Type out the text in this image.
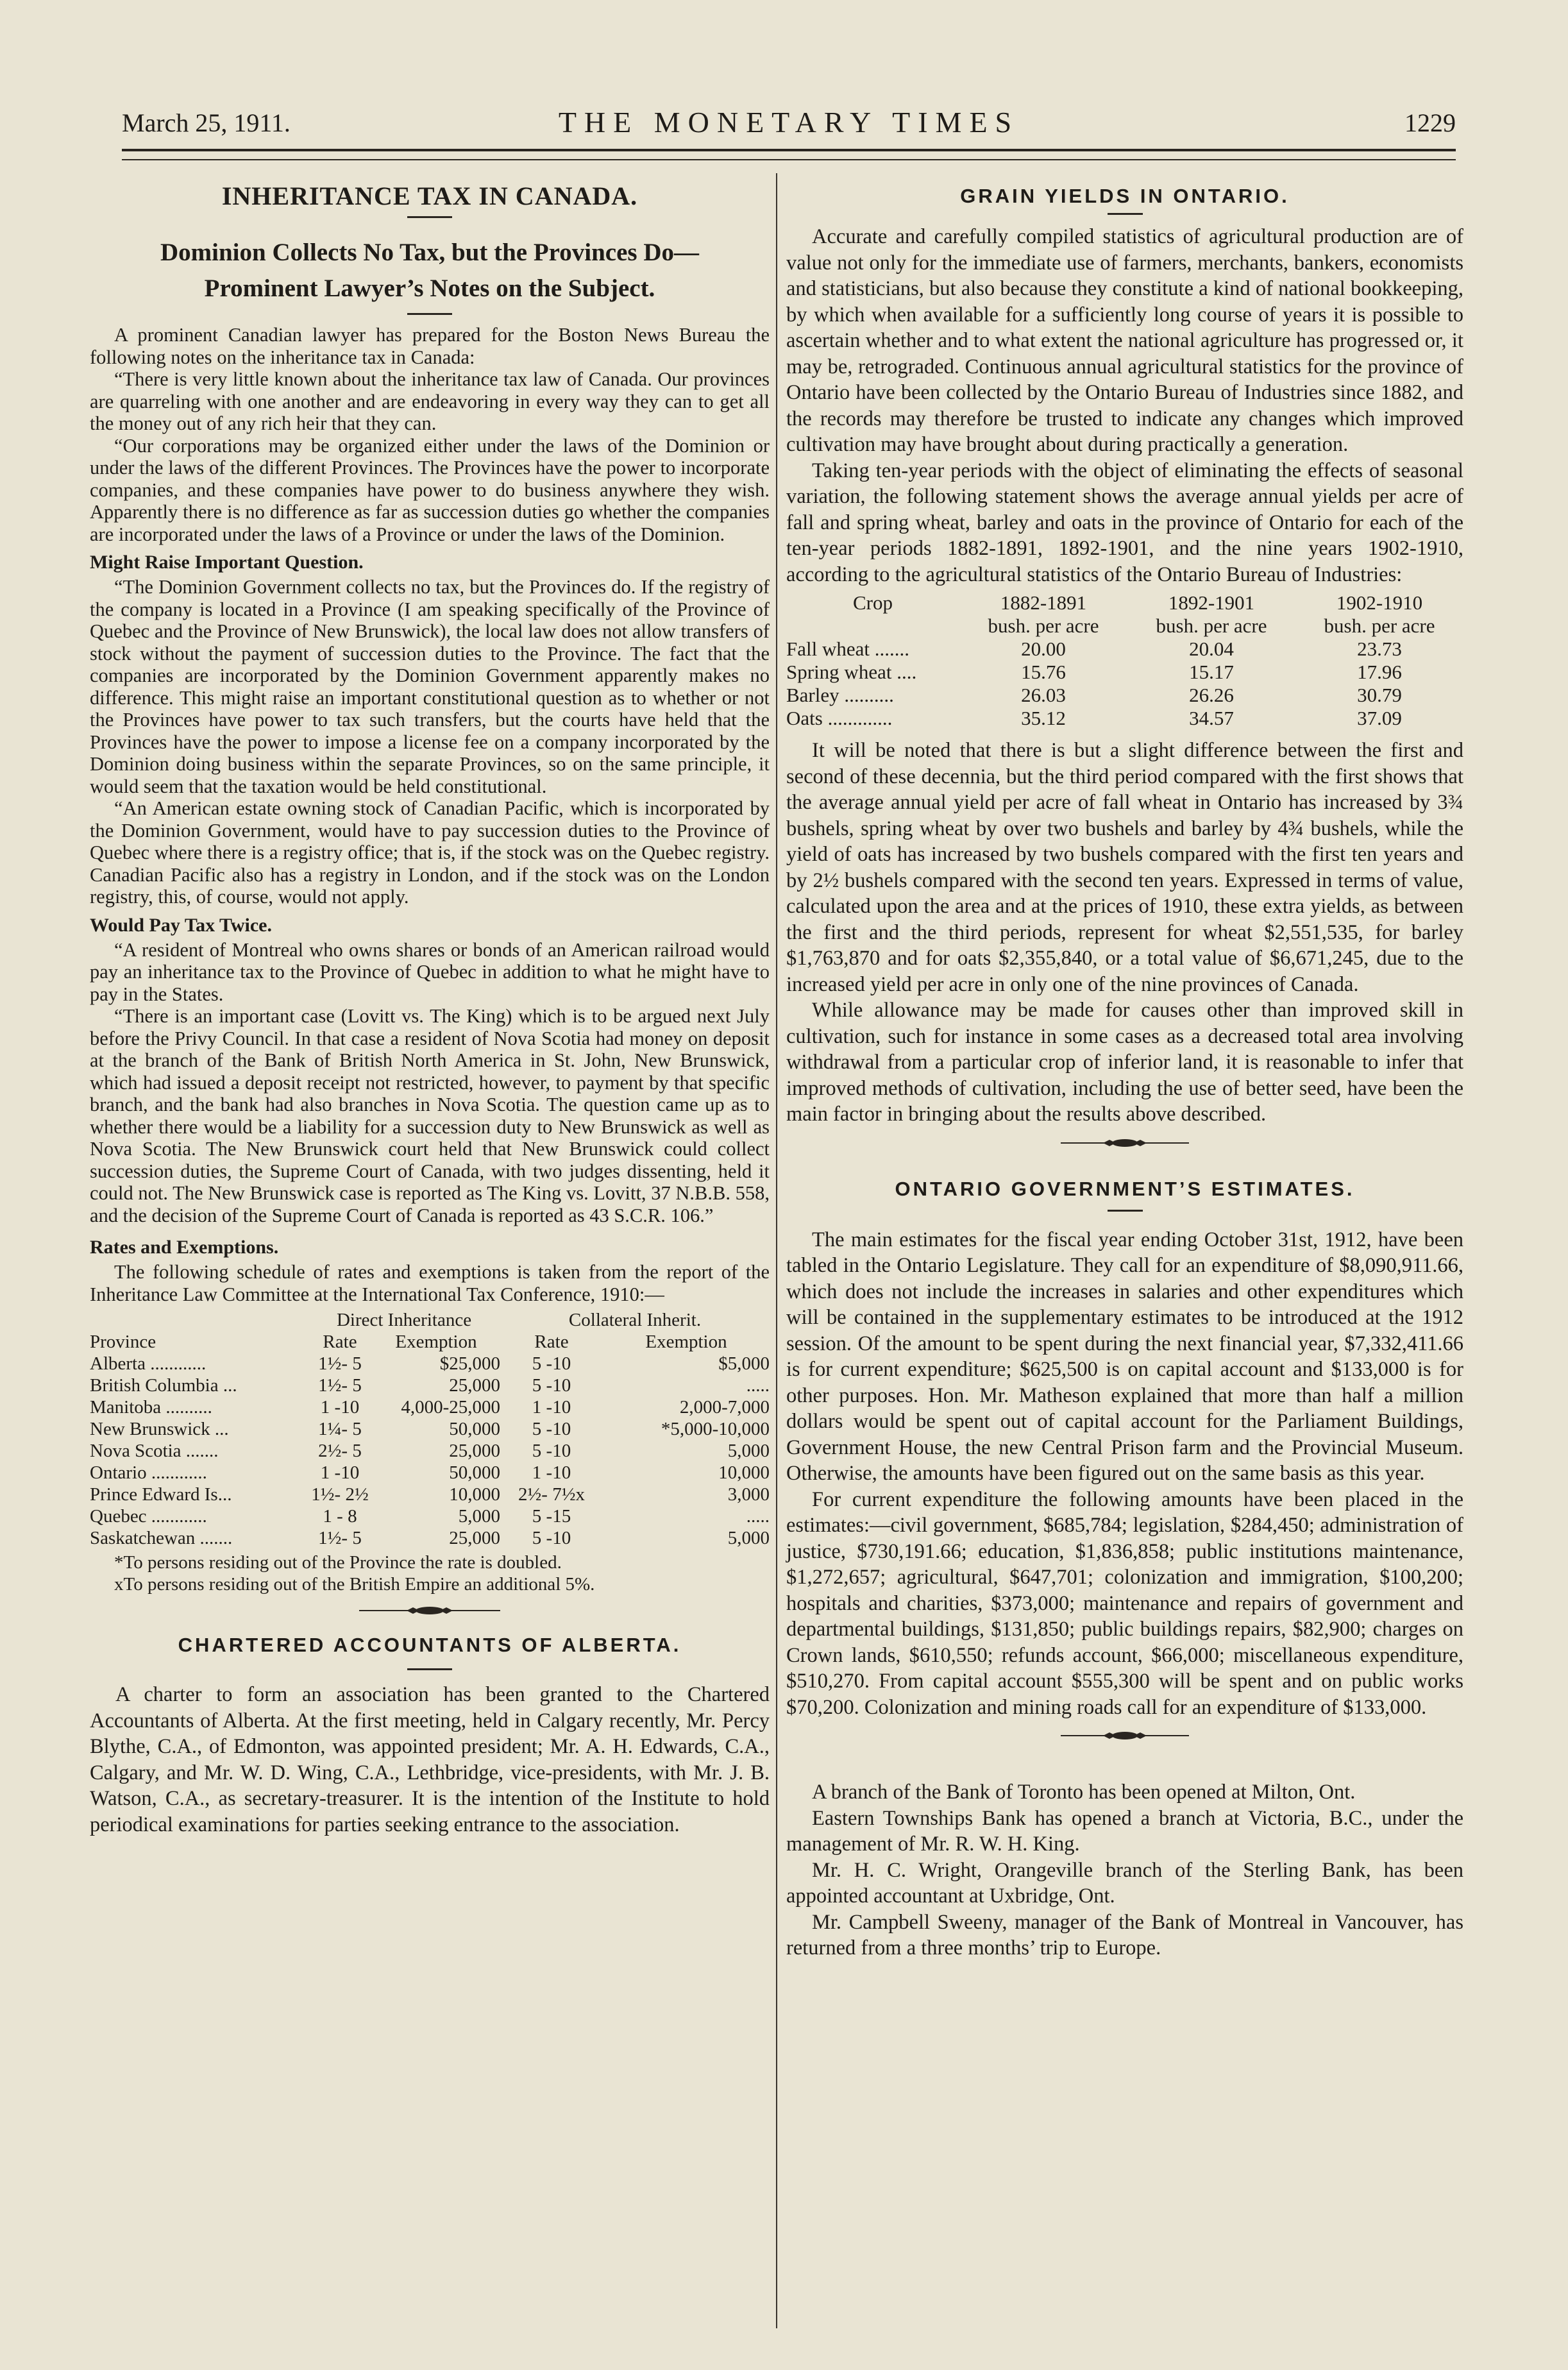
March 25, 1911.	THE MONETARY TIMES	1229
INHERITANCE TAX IN CANADA.
Dominion Collects No Tax, but the Provinces Do—Prominent Lawyer’s Notes on the Subject.

A prominent Canadian lawyer has prepared for the Boston News Bureau the following notes on the inheritance tax in Canada:

“There is very little known about the inheritance tax law of Canada. Our provinces are quarreling with one another and are endeavoring in every way they can to get all the money out of any rich heir that they can.

“Our corporations may be organized either under the laws of the Dominion or under the laws of the different Provinces. The Provinces have the power to incorporate companies, and these companies have power to do business anywhere they wish. Apparently there is no difference as far as succession duties go whether the companies are incorporated under the laws of a Province or under the laws of the Dominion.

Might Raise Important Question.

“The Dominion Government collects no tax, but the Provinces do. If the registry of the company is located in a Province (I am speaking specifically of the Province of Quebec and the Province of New Brunswick), the local law does not allow transfers of stock without the payment of succession duties to the Province. The fact that the companies are incorporated by the Dominion Government apparently makes no difference. This might raise an important constitutional question as to whether or not the Provinces have power to tax such transfers, but the courts have held that the Provinces have the power to impose a license fee on a company incorporated by the Dominion doing business within the separate Provinces, so on the same principle, it would seem that the taxation would be held constitutional.

“An American estate owning stock of Canadian Pacific, which is incorporated by the Dominion Government, would have to pay succession duties to the Province of Quebec where there is a registry office; that is, if the stock was on the Quebec registry. Canadian Pacific also has a registry in London, and if the stock was on the London registry, this, of course, would not apply.

Would Pay Tax Twice.

“A resident of Montreal who owns shares or bonds of an American railroad would pay an inheritance tax to the Province of Quebec in addition to what he might have to pay in the States.

“There is an important case (Lovitt vs. The King) which is to be argued next July before the Privy Council. In that case a resident of Nova Scotia had money on deposit at the branch of the Bank of British North America in St. John, New Brunswick, which had issued a deposit receipt not restricted, however, to payment by that specific branch, and the bank had also branches in Nova Scotia. The question came up as to whether there would be a liability for a succession duty to New Brunswick as well as Nova Scotia. The New Brunswick court held that New Brunswick could collect succession duties, the Supreme Court of Canada, with two judges dissenting, held it could not. The New Brunswick case is reported as The King vs. Lovitt, 37 N.B.B. 558, and the decision of the Supreme Court of Canada is reported as 43 S.C.R. 106.”

Rates and Exemptions.

The following schedule of rates and exemptions is taken from the report of the Inheritance Law Committee at the International Tax Conference, 1910:—

	Direct Inheritance		Collateral Inherit.	
Province	Rate	Exemption	Rate	Exemption
Alberta ............	1½- 5	$25,000	5 -10	$5,000
British Columbia ...	1½- 5	25,000	5 -10	.....
Manitoba ..........	1 -10	4,000-25,000	1 -10	2,000-7,000
New Brunswick ...	1¼- 5	50,000	5 -10	*5,000-10,000
Nova Scotia .......	2½- 5	25,000	5 -10	5,000
Ontario ............	1 -10	50,000	1 -10	10,000
Prince Edward Is...	1½- 2½	10,000	2½- 7½x	3,000
Quebec ............	1 - 8	5,000	5 -15	.....
Saskatchewan .......	1½- 5	25,000	5 -10	5,000

*To persons residing out of the Province the rate is doubled.

xTo persons residing out of the British Empire an additional 5%.

CHARTERED ACCOUNTANTS OF ALBERTA.

A charter to form an association has been granted to the Chartered Accountants of Alberta. At the first meeting, held in Calgary recently, Mr. Percy Blythe, C.A., of Edmonton, was appointed president; Mr. A. H. Edwards, C.A., Calgary, and Mr. W. D. Wing, C.A., Lethbridge, vice-presidents, with Mr. J. B. Watson, C.A., as secretary-treasurer. It is the intention of the Institute to hold periodical examinations for parties seeking entrance to the association.

GRAIN YIELDS IN ONTARIO.

Accurate and carefully compiled statistics of agricultural production are of value not only for the immediate use of farmers, merchants, bankers, economists and statisticians, but also because they constitute a kind of national bookkeeping, by which when available for a sufficiently long course of years it is possible to ascertain whether and to what extent the national agriculture has progressed or, it may be, retrograded. Continuous annual agricultural statistics for the province of Ontario have been collected by the Ontario Bureau of Industries since 1882, and the records may therefore be trusted to indicate any changes which improved cultivation may have brought about during practically a generation.

Taking ten-year periods with the object of eliminating the effects of seasonal variation, the following statement shows the average annual yields per acre of fall and spring wheat, barley and oats in the province of Ontario for each of the ten-year periods 1882-1891, 1892-1901, and the nine years 1902-1910, according to the agricultural statistics of the Ontario Bureau of Industries:

Crop	1882-1891	1892-1901	1902-1910
	bush. per acre	bush. per acre	bush. per acre
Fall wheat .......	20.00	20.04	23.73
Spring wheat ....	15.76	15.17	17.96
Barley ..........	26.03	26.26	30.79
Oats .............	35.12	34.57	37.09

It will be noted that there is but a slight difference between the first and second of these decennia, but the third period compared with the first shows that the average annual yield per acre of fall wheat in Ontario has increased by 3¾ bushels, spring wheat by over two bushels and barley by 4¾ bushels, while the yield of oats has increased by two bushels compared with the first ten years and by 2½ bushels compared with the second ten years. Expressed in terms of value, calculated upon the area and at the prices of 1910, these extra yields, as between the first and the third periods, represent for wheat $2,551,535, for barley $1,763,870 and for oats $2,355,840, or a total value of $6,671,245, due to the increased yield per acre in only one of the nine provinces of Canada.

While allowance may be made for causes other than improved skill in cultivation, such for instance in some cases as a decreased total area involving withdrawal from a particular crop of inferior land, it is reasonable to infer that improved methods of cultivation, including the use of better seed, have been the main factor in bringing about the results above described.

ONTARIO GOVERNMENT’S ESTIMATES.

The main estimates for the fiscal year ending October 31st, 1912, have been tabled in the Ontario Legislature. They call for an expenditure of $8,090,911.66, which does not include the increases in salaries and other expenditures which will be contained in the supplementary estimates to be introduced at the 1912 session. Of the amount to be spent during the next financial year, $7,332,411.66 is for current expenditure; $625,500 is on capital account and $133,000 is for other purposes. Hon. Mr. Matheson explained that more than half a million dollars would be spent out of capital account for the Parliament Buildings, Government House, the new Central Prison farm and the Provincial Museum. Otherwise, the amounts have been figured out on the same basis as this year.

For current expenditure the following amounts have been placed in the estimates:—civil government, $685,784; legislation, $284,450; administration of justice, $730,191.66; education, $1,836,858; public institutions maintenance, $1,272,657; agricultural, $647,701; colonization and immigration, $100,200; hospitals and charities, $373,000; maintenance and repairs of government and departmental buildings, $131,850; public buildings repairs, $82,900; charges on Crown lands, $610,550; refunds account, $66,000; miscellaneous expenditure, $510,270. From capital account $555,300 will be spent and on public works $70,200. Colonization and mining roads call for an expenditure of $133,000.

A branch of the Bank of Toronto has been opened at Milton, Ont.

Eastern Townships Bank has opened a branch at Victoria, B.C., under the management of Mr. R. W. H. King.

Mr. H. C. Wright, Orangeville branch of the Sterling Bank, has been appointed accountant at Uxbridge, Ont.

Mr. Campbell Sweeny, manager of the Bank of Montreal in Vancouver, has returned from a three months’ trip to Europe.
